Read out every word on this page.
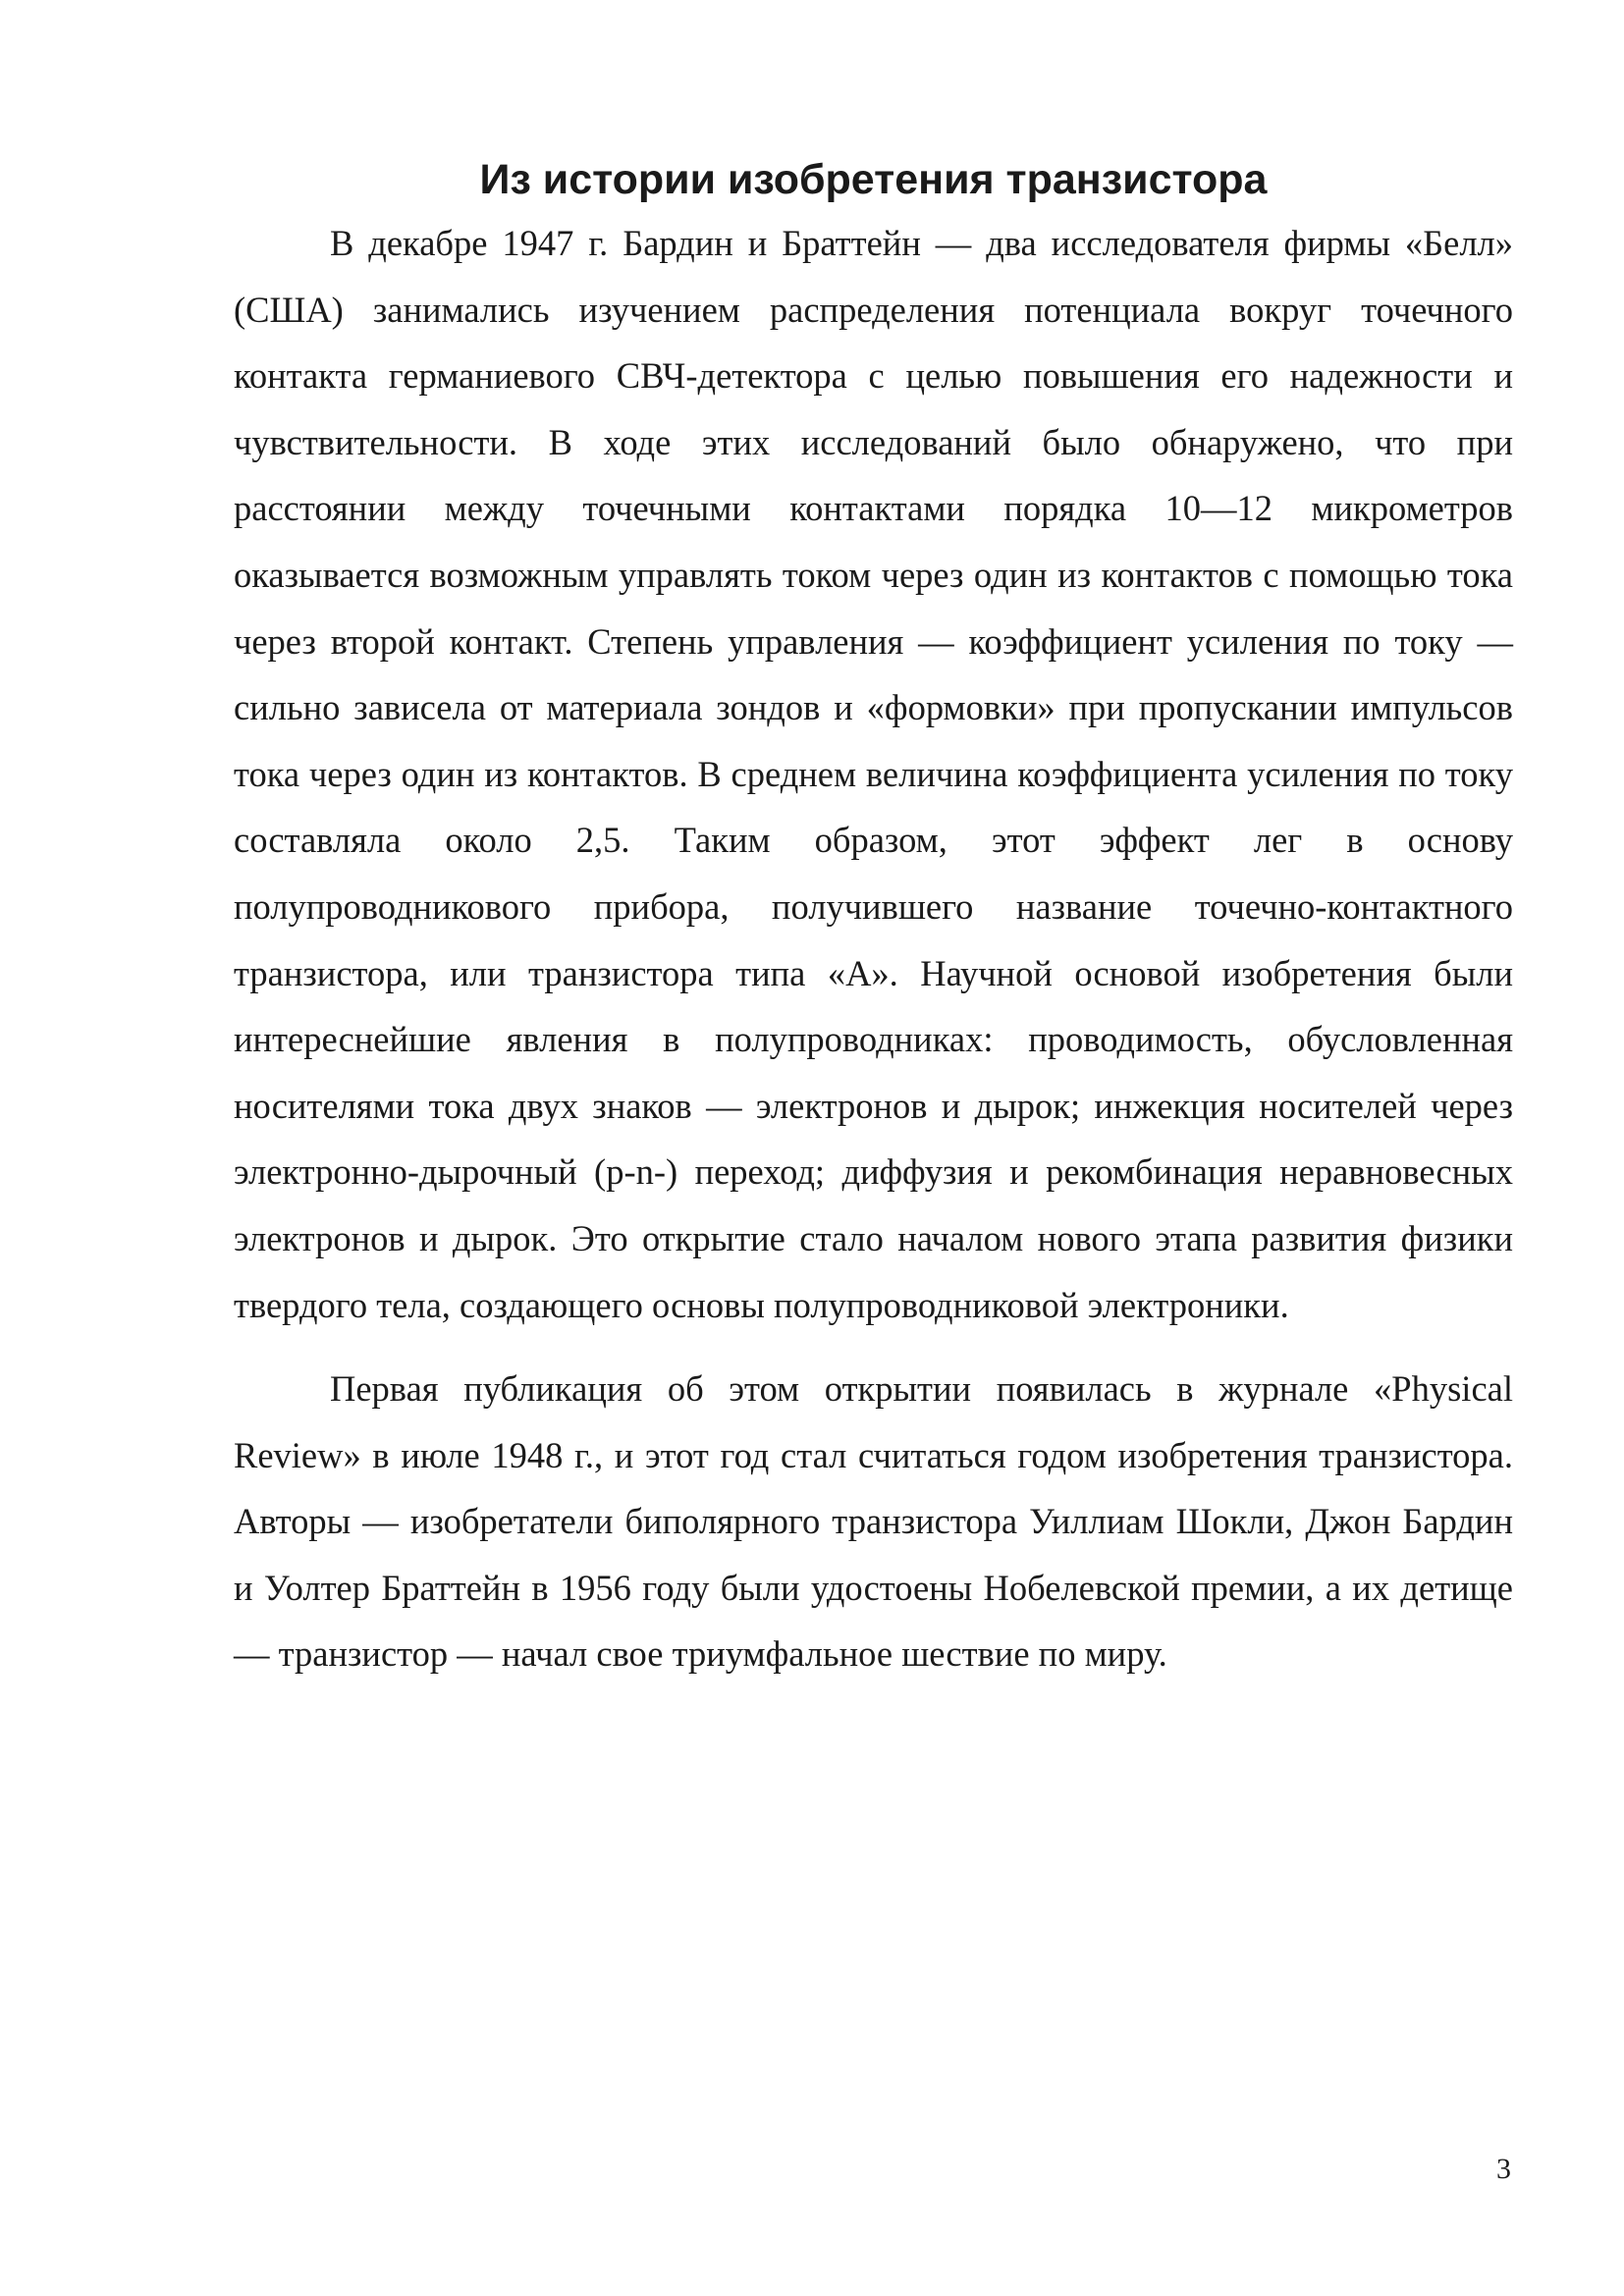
Из истории изобретения транзистора

В декабре 1947 г. Бардин и Браттейн — два исследователя фирмы «Белл» (США) занимались изучением распределения потенциала вокруг точечного контакта германиевого СВЧ-детектора с целью повышения его надежности и чувствительности. В ходе этих исследований было обнаружено, что при расстоянии между точечными контактами порядка 10—12 микрометров оказывается возможным управлять током через один из контактов с помощью тока через второй контакт. Степень управления — коэффициент усиления по току — сильно зависела от материала зондов и «формовки» при пропускании импульсов тока через один из контактов. В среднем величина коэффициента усиления по току составляла около 2,5. Таким образом, этот эффект лег в основу полупроводникового прибора, получившего название точечно-контактного транзистора, или транзистора типа «А». Научной основой изобретения были интереснейшие явления в полупроводниках: проводимость, обусловленная носителями тока двух знаков — электронов и дырок; инжекция носителей через электронно-дырочный (p-n-) переход; диффузия и рекомбинация неравновесных электронов и дырок. Это открытие стало началом нового этапа развития физики твердого тела, создающего основы полупроводниковой электроники.

Первая публикация об этом открытии появилась в журнале «Physical Review» в июле 1948 г., и этот год стал считаться годом изобретения транзистора. Авторы — изобретатели биполярного транзистора Уиллиам Шокли, Джон Бардин и Уолтер Браттейн в 1956 году были удостоены Нобелевской премии, а их детище — транзистор — начал свое триумфальное шествие по миру.

3
